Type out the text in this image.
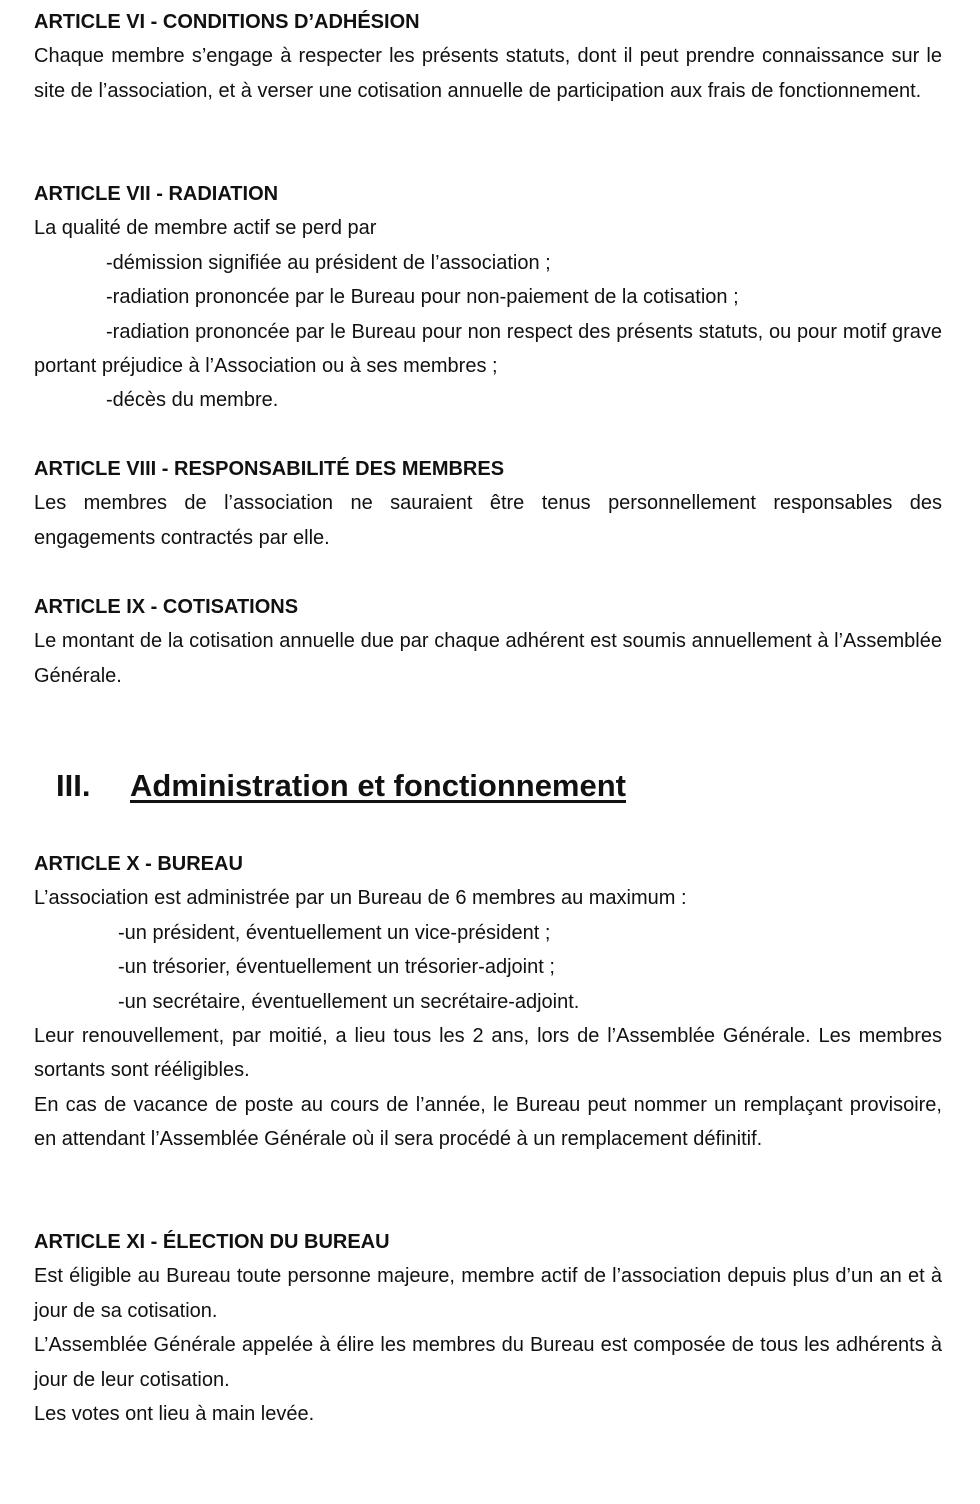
ARTICLE VI - CONDITIONS D’ADHÉSION

Chaque membre s’engage à respecter les présents statuts, dont il peut prendre connaissance sur le site de l’association, et à verser une cotisation annuelle de participation aux frais de fonctionnement.

ARTICLE VII - RADIATION

La qualité de membre actif se perd par

-démission signifiée au président de l’association ;

-radiation prononcée par le Bureau pour non-paiement de la cotisation ;

-radiation prononcée par le Bureau pour non respect des présents statuts, ou pour motif grave portant préjudice à l’Association ou à ses membres ;

-décès du membre.

ARTICLE VIII - RESPONSABILITÉ DES MEMBRES

Les membres de l’association ne sauraient être tenus personnellement responsables des engagements contractés par elle.

ARTICLE IX - COTISATIONS

Le montant de la cotisation annuelle due par chaque adhérent est soumis annuellement à l’Assemblée Générale.

III. Administration et fonctionnement

ARTICLE X - BUREAU

L’association est administrée par un Bureau de 6 membres au maximum :

-un président, éventuellement un vice-président ;

-un trésorier, éventuellement un trésorier-adjoint ;

-un secrétaire, éventuellement un secrétaire-adjoint.

Leur renouvellement, par moitié, a lieu tous les 2 ans, lors de l’Assemblée Générale. Les membres sortants sont rééligibles.

En cas de vacance de poste au cours de l’année, le Bureau peut nommer un remplaçant provisoire, en attendant l’Assemblée Générale où il sera procédé à un remplacement définitif.

ARTICLE XI - ÉLECTION DU BUREAU

Est éligible au Bureau toute personne majeure, membre actif de l’association depuis plus d’un an et à jour de sa cotisation.

L’Assemblée Générale appelée à élire les membres du Bureau est composée de tous les adhérents à jour de leur cotisation.

Les votes ont lieu à main levée.
